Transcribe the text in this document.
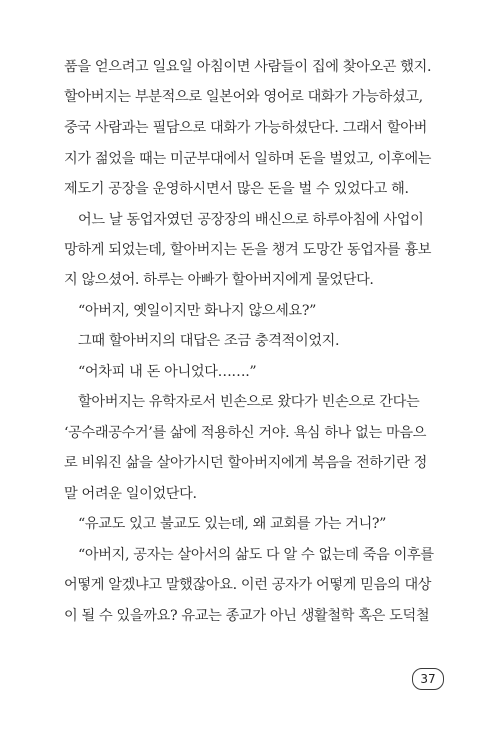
품을 얻으려고 일요일 아침이면 사람들이 집에 찾아오곤 했지.
할아버지는 부분적으로 일본어와 영어로 대화가 가능하셨고,
중국 사람과는 필담으로 대화가 가능하셨단다. 그래서 할아버
지가 젊었을 때는 미군부대에서 일하며 돈을 벌었고, 이후에는
제도기 공장을 운영하시면서 많은 돈을 벌 수 있었다고 해.
어느 날 동업자였던 공장장의 배신으로 하루아침에 사업이
망하게 되었는데, 할아버지는 돈을 챙겨 도망간 동업자를 흉보
지 않으셨어. 하루는 아빠가 할아버지에게 물었단다.
“아버지, 옛일이지만 화나지 않으세요?”
그때 할아버지의 대답은 조금 충격적이었지.
“어차피 내 돈 아니었다…….”
할아버지는 유학자로서 빈손으로 왔다가 빈손으로 간다는
‘공수래공수거’를 삶에 적용하신 거야. 욕심 하나 없는 마음으
로 비워진 삶을 살아가시던 할아버지에게 복음을 전하기란 정
말 어려운 일이었단다.
“유교도 있고 불교도 있는데, 왜 교회를 가는 거니?”
“아버지, 공자는 살아서의 삶도 다 알 수 없는데 죽음 이후를
어떻게 알겠냐고 말했잖아요. 이런 공자가 어떻게 믿음의 대상
이 될 수 있을까요? 유교는 종교가 아닌 생활철학 혹은 도덕철
37
